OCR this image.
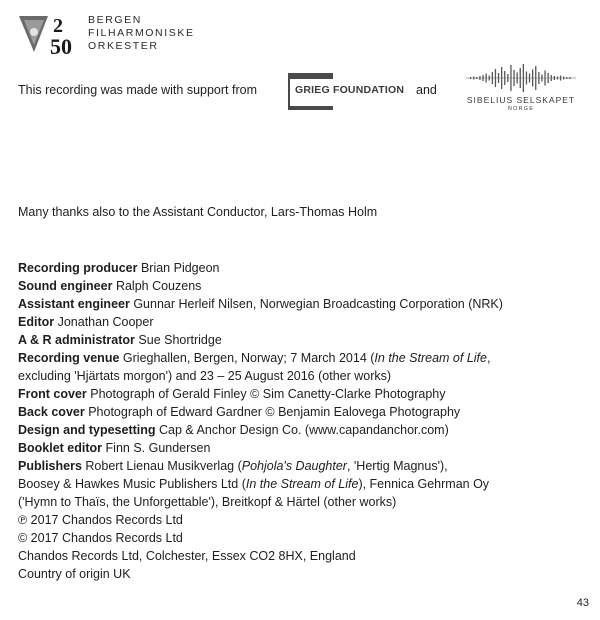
2
50
BERGEN
FILHARMONISKE
ORKESTER
This recording was made with support from	GRIEG FOUNDATION and
SIBELIUS SELSKAPET
NORGE
Many thanks also to the Assistant Conductor, Lars-Thomas Holm
Recording producer Brian Pidgeon
Sound engineer Ralph Couzens
Assistant engineer Gunnar Herleif Nilsen, Norwegian Broadcasting Corporation (NRK)
Editor Jonathan Cooper
A & R administrator Sue Shortridge
Recording venue Grieghallen, Bergen, Norway; 7 March 2014 (In the Stream of Life,
excluding 'Hjärtats morgon') and 23 – 25 August 2016 (other works)
Front cover Photograph of Gerald Finley © Sim Canetty-Clarke Photography
Back cover Photograph of Edward Gardner © Benjamin Ealovega Photography
Design and typesetting Cap & Anchor Design Co. (www.capandanchor.com)
Booklet editor Finn S. Gundersen
Publishers Robert Lienau Musikverlag (Pohjola's Daughter, 'Hertig Magnus'),
Boosey & Hawkes Music Publishers Ltd (In the Stream of Life), Fennica Gehrman Oy
('Hymn to Thaïs, the Unforgettable'), Breitkopf & Härtel (other works)
℗ 2017 Chandos Records Ltd
© 2017 Chandos Records Ltd
Chandos Records Ltd, Colchester, Essex CO2 8HX, England
Country of origin UK
43
